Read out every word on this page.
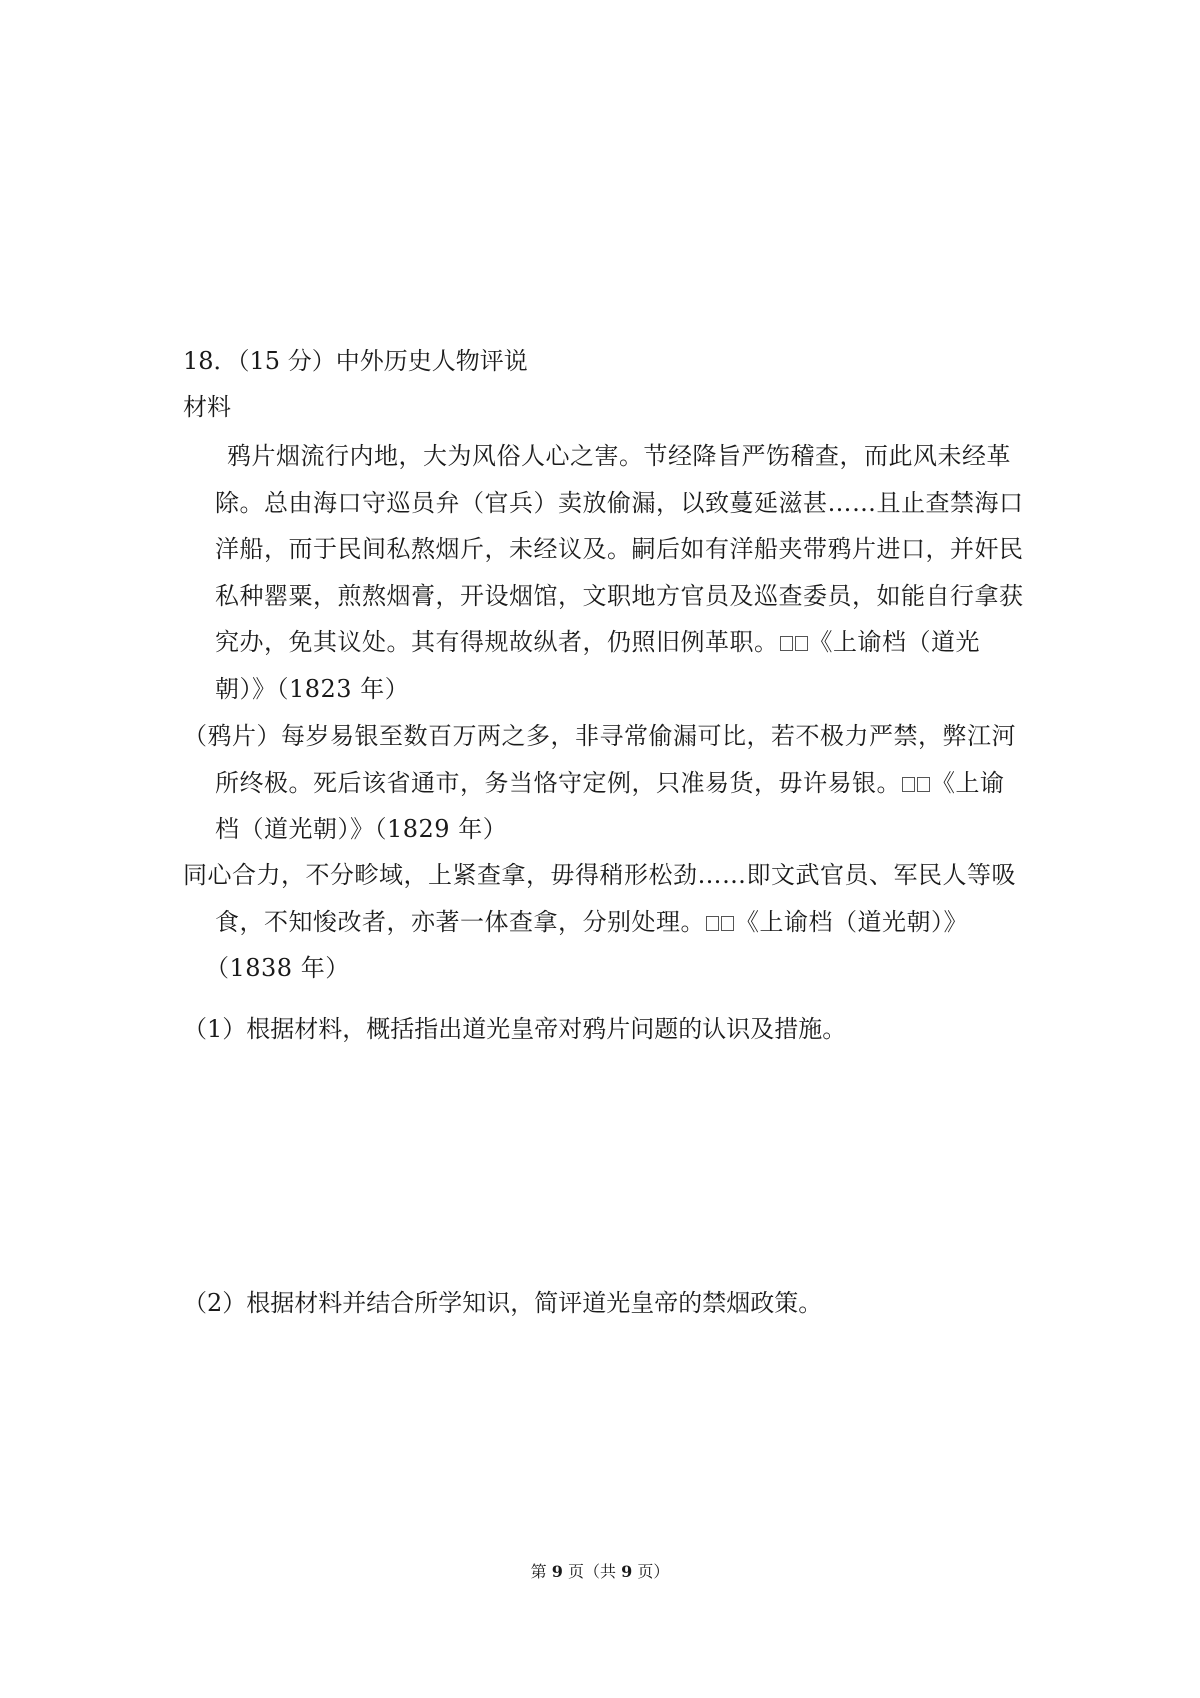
18．（15 分）中外历史人物评说
材料
鸦片烟流行内地，大为风俗人心之害。节经降旨严饬稽查，而此风未经革
除。总由海口守巡员弁（官兵）卖放偷漏，以致蔓延滋甚……且止查禁海口
洋船，而于民间私熬烟斤，未经议及。嗣后如有洋船夹带鸦片进口，并奸民
私种罂粟，煎熬烟膏，开设烟馆，文职地方官员及巡查委员，如能自行拿获
究办，免其议处。其有得规故纵者，仍照旧例革职。 《上谕档（道光
朝）》（1823 年）
（鸦片）每岁易银至数百万两之多，非寻常偷漏可比，若不极力严禁，弊江河
所终极。死后该省通市，务当恪守定例，只准易货，毋许易银。 《上谕
档（道光朝）》（1829 年）
同心合力，不分畛域，上紧查拿，毋得稍形松劲……即文武官员、军民人等吸
食，不知悛改者，亦著一体查拿，分别处理。 《上谕档（道光朝）》
（1838 年）
（1）根据材料，概括指出道光皇帝对鸦片问题的认识及措施。
（2）根据材料并结合所学知识，简评道光皇帝的禁烟政策。
第 9 页（共 9 页）
